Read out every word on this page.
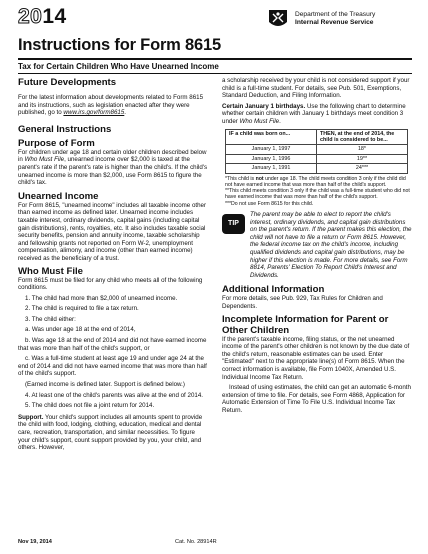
2014	Department of the Treasury
Internal Revenue Service
Instructions for Form 8615
Tax for Certain Children Who Have Unearned Income
Future Developments
For the latest information about developments related to Form 8615 and its instructions, such as legislation enacted after they were published, go to www.irs.gov/form8615.
General Instructions
Purpose of Form
For children under age 18 and certain older children described below in Who Must File, unearned income over $2,000 is taxed at the parent's rate if the parent's rate is higher than the child's. If the child's unearned income is more than $2,000, use Form 8615 to figure the child's tax.
Unearned Income
For Form 8615, "unearned income" includes all taxable income other than earned income as defined later. Unearned income includes taxable interest, ordinary dividends, capital gains (including capital gain distributions), rents, royalties, etc. It also includes taxable social security benefits, pension and annuity income, taxable scholarship and fellowship grants not reported on Form W-2, unemployment compensation, alimony, and income (other than earned income) received as the beneficiary of a trust.
Who Must File
Form 8615 must be filed for any child who meets all of the following conditions.
1. The child had more than $2,000 of unearned income.
2. The child is required to file a tax return.
3. The child either:
a. Was under age 18 at the end of 2014,
b. Was age 18 at the end of 2014 and did not have earned income that was more than half of the child's support, or
c. Was a full-time student at least age 19 and under age 24 at the end of 2014 and did not have earned income that was more than half of the child's support.
(Earned income is defined later. Support is defined below.)
4. At least one of the child's parents was alive at the end of 2014.
5. The child does not file a joint return for 2014.
Support. Your child's support includes all amounts spent to provide the child with food, lodging, clothing, education, medical and dental care, recreation, transportation, and similar necessities. To figure your child's support, count support provided by you, your child, and others. However,
a scholarship received by your child is not considered support if your child is a full-time student. For details, see Pub. 501, Exemptions, Standard Deduction, and Filing Information.
Certain January 1 birthdays. Use the following chart to determine whether certain children with January 1 birthdays meet condition 3 under Who Must File.
IF a child was born on...	THEN, at the end of 2014, the child is considered to be...
January 1, 1997	18*
January 1, 1996	19**
January 1, 1991	24***
*This child is not under age 18. The child meets condition 3 only if the child did not have earned income that was more than half of the child's support.
**This child meets condition 3 only if the child was a full-time student who did not have earned income that was more than half of the child's support.
***Do not use Form 8615 for this child.
TIP
The parent may be able to elect to report the child's interest, ordinary dividends, and capital gain distributions on the parent's return. If the parent makes this election, the child will not have to file a return or Form 8615. However, the federal income tax on the child's income, including qualified dividends and capital gain distributions, may be higher if this election is made. For more details, see Form 8814, Parents' Election To Report Child's Interest and Dividends.
Additional Information
For more details, see Pub. 929, Tax Rules for Children and Dependents.
Incomplete Information for Parent or Other Children
If the parent's taxable income, filing status, or the net unearned income of the parent's other children is not known by the due date of the child's return, reasonable estimates can be used. Enter "Estimated" next to the appropriate line(s) of Form 8615. When the correct information is available, file Form 1040X, Amended U.S. Individual Income Tax Return.
Instead of using estimates, the child can get an automatic 6-month extension of time to file. For details, see Form 4868, Application for Automatic Extension of Time To File U.S. Individual Income Tax Return.
Nov 19, 2014	Cat. No. 28914R
